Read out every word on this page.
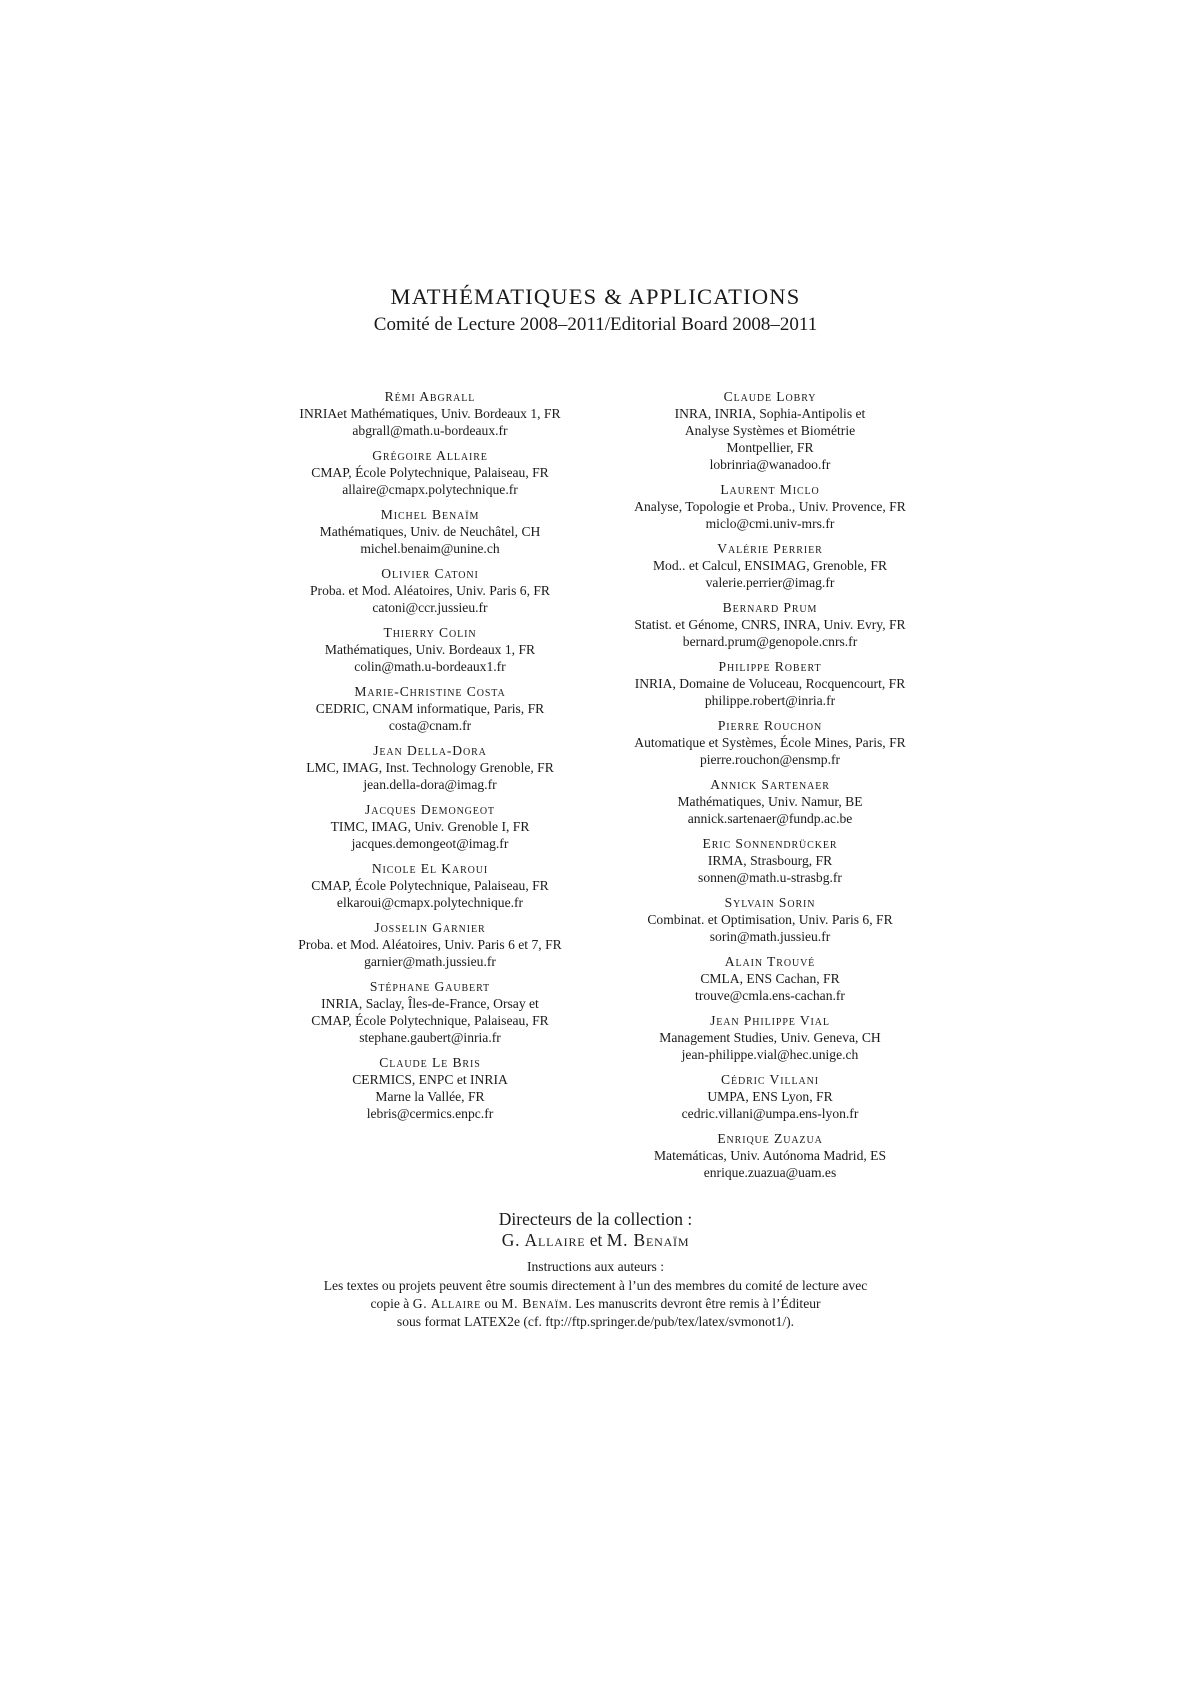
MATHÉMATIQUES & APPLICATIONS
Comité de Lecture 2008–2011/Editorial Board 2008–2011
Rémi Abgrall
INRIAet Mathématiques, Univ. Bordeaux 1, FR
abgrall@math.u-bordeaux.fr
Grégoire Allaire
CMAP, École Polytechnique, Palaiseau, FR
allaire@cmapx.polytechnique.fr
Michel Benaïm
Mathématiques, Univ. de Neuchâtel, CH
michel.benaim@unine.ch
Olivier Catoni
Proba. et Mod. Aléatoires, Univ. Paris 6, FR
catoni@ccr.jussieu.fr
Thierry Colin
Mathématiques, Univ. Bordeaux 1, FR
colin@math.u-bordeaux1.fr
Marie-Christine Costa
CEDRIC, CNAM informatique, Paris, FR
costa@cnam.fr
Jean Della-Dora
LMC, IMAG, Inst. Technology Grenoble, FR
jean.della-dora@imag.fr
Jacques Demongeot
TIMC, IMAG, Univ. Grenoble I, FR
jacques.demongeot@imag.fr
Nicole El Karoui
CMAP, École Polytechnique, Palaiseau, FR
elkaroui@cmapx.polytechnique.fr
Josselin Garnier
Proba. et Mod. Aléatoires, Univ. Paris 6 et 7, FR
garnier@math.jussieu.fr
Stéphane Gaubert
INRIA, Saclay, Îles-de-France, Orsay et
CMAP, École Polytechnique, Palaiseau, FR
stephane.gaubert@inria.fr
Claude Le Bris
CERMICS, ENPC et INRIA
Marne la Vallée, FR
lebris@cermics.enpc.fr
Claude Lobry
INRA, INRIA, Sophia-Antipolis et
Analyse Systèmes et Biométrie
Montpellier, FR
lobrinria@wanadoo.fr
Laurent Miclo
Analyse, Topologie et Proba., Univ. Provence, FR
miclo@cmi.univ-mrs.fr
Valérie Perrier
Mod.. et Calcul, ENSIMAG, Grenoble, FR
valerie.perrier@imag.fr
Bernard Prum
Statist. et Génome, CNRS, INRA, Univ. Evry, FR
bernard.prum@genopole.cnrs.fr
Philippe Robert
INRIA, Domaine de Voluceau, Rocquencourt, FR
philippe.robert@inria.fr
Pierre Rouchon
Automatique et Systèmes, École Mines, Paris, FR
pierre.rouchon@ensmp.fr
Annick Sartenaer
Mathématiques, Univ. Namur, BE
annick.sartenaer@fundp.ac.be
Eric Sonnendrücker
IRMA, Strasbourg, FR
sonnen@math.u-strasbg.fr
Sylvain Sorin
Combinat. et Optimisation, Univ. Paris 6, FR
sorin@math.jussieu.fr
Alain Trouvé
CMLA, ENS Cachan, FR
trouve@cmla.ens-cachan.fr
Jean Philippe Vial
Management Studies, Univ. Geneva, CH
jean-philippe.vial@hec.unige.ch
Cédric Villani
UMPA, ENS Lyon, FR
cedric.villani@umpa.ens-lyon.fr
Enrique Zuazua
Matemáticas, Univ. Autónoma Madrid, ES
enrique.zuazua@uam.es
Directeurs de la collection :
G. Allaire et M. Benaïm
Instructions aux auteurs :
Les textes ou projets peuvent être soumis directement à l’un des membres du comité de lecture avec
copie à G. Allaire ou M. Benaïm. Les manuscrits devront être remis à l’Éditeur
sous format LATEX2e (cf. ftp://ftp.springer.de/pub/tex/latex/svmonot1/).
